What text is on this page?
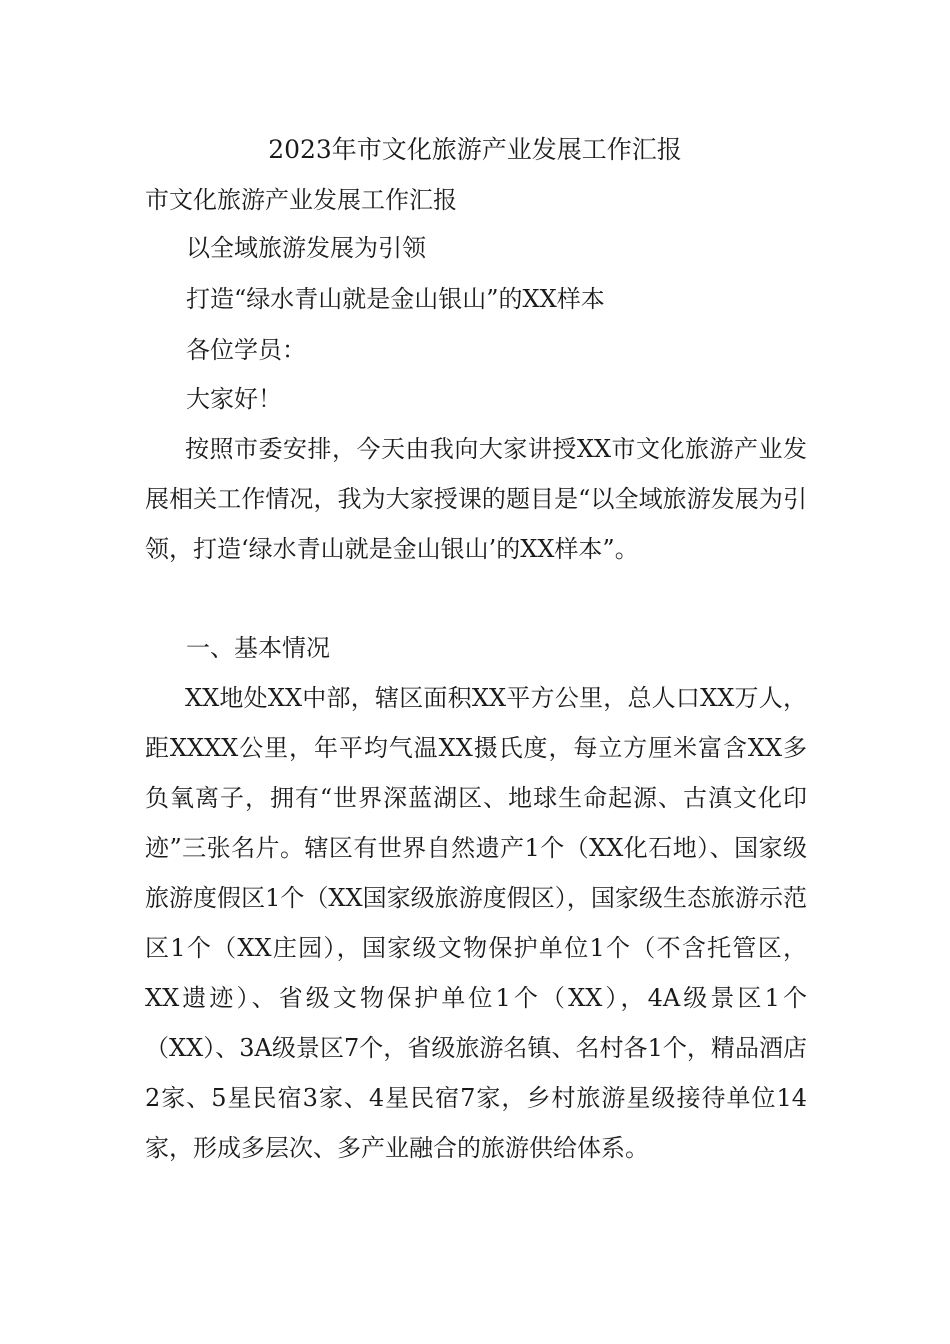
2023年市文化旅游产业发展工作汇报
市文化旅游产业发展工作汇报
以全域旅游发展为引领
打造“绿水青山就是金山银山”的XX样本
各位学员：
大家好！
按照市委安排，今天由我向大家讲授XX市文化旅游产业发展相关工作情况，我为大家授课的题目是“以全域旅游发展为引领，打造‘绿水青山就是金山银山’的XX样本”。
一、基本情况
XX地处XX中部，辖区面积XX平方公里，总人口XX万人，距XXXX公里，年平均气温XX摄氏度，每立方厘米富含XX多负氧离子，拥有“世界深蓝湖区、地球生命起源、古滇文化印迹”三张名片。辖区有世界自然遗产1个（XX化石地）、国家级旅游度假区1个（XX国家级旅游度假区），国家级生态旅游示范区1个（XX庄园），国家级文物保护单位1个（不含托管区，XX遗迹）、省级文物保护单位1个（XX），4A级景区1个（XX）、3A级景区7个，省级旅游名镇、名村各1个，精品酒店2家、5星民宿3家、4星民宿7家，乡村旅游星级接待单位14家，形成多层次、多产业融合的旅游供给体系。
